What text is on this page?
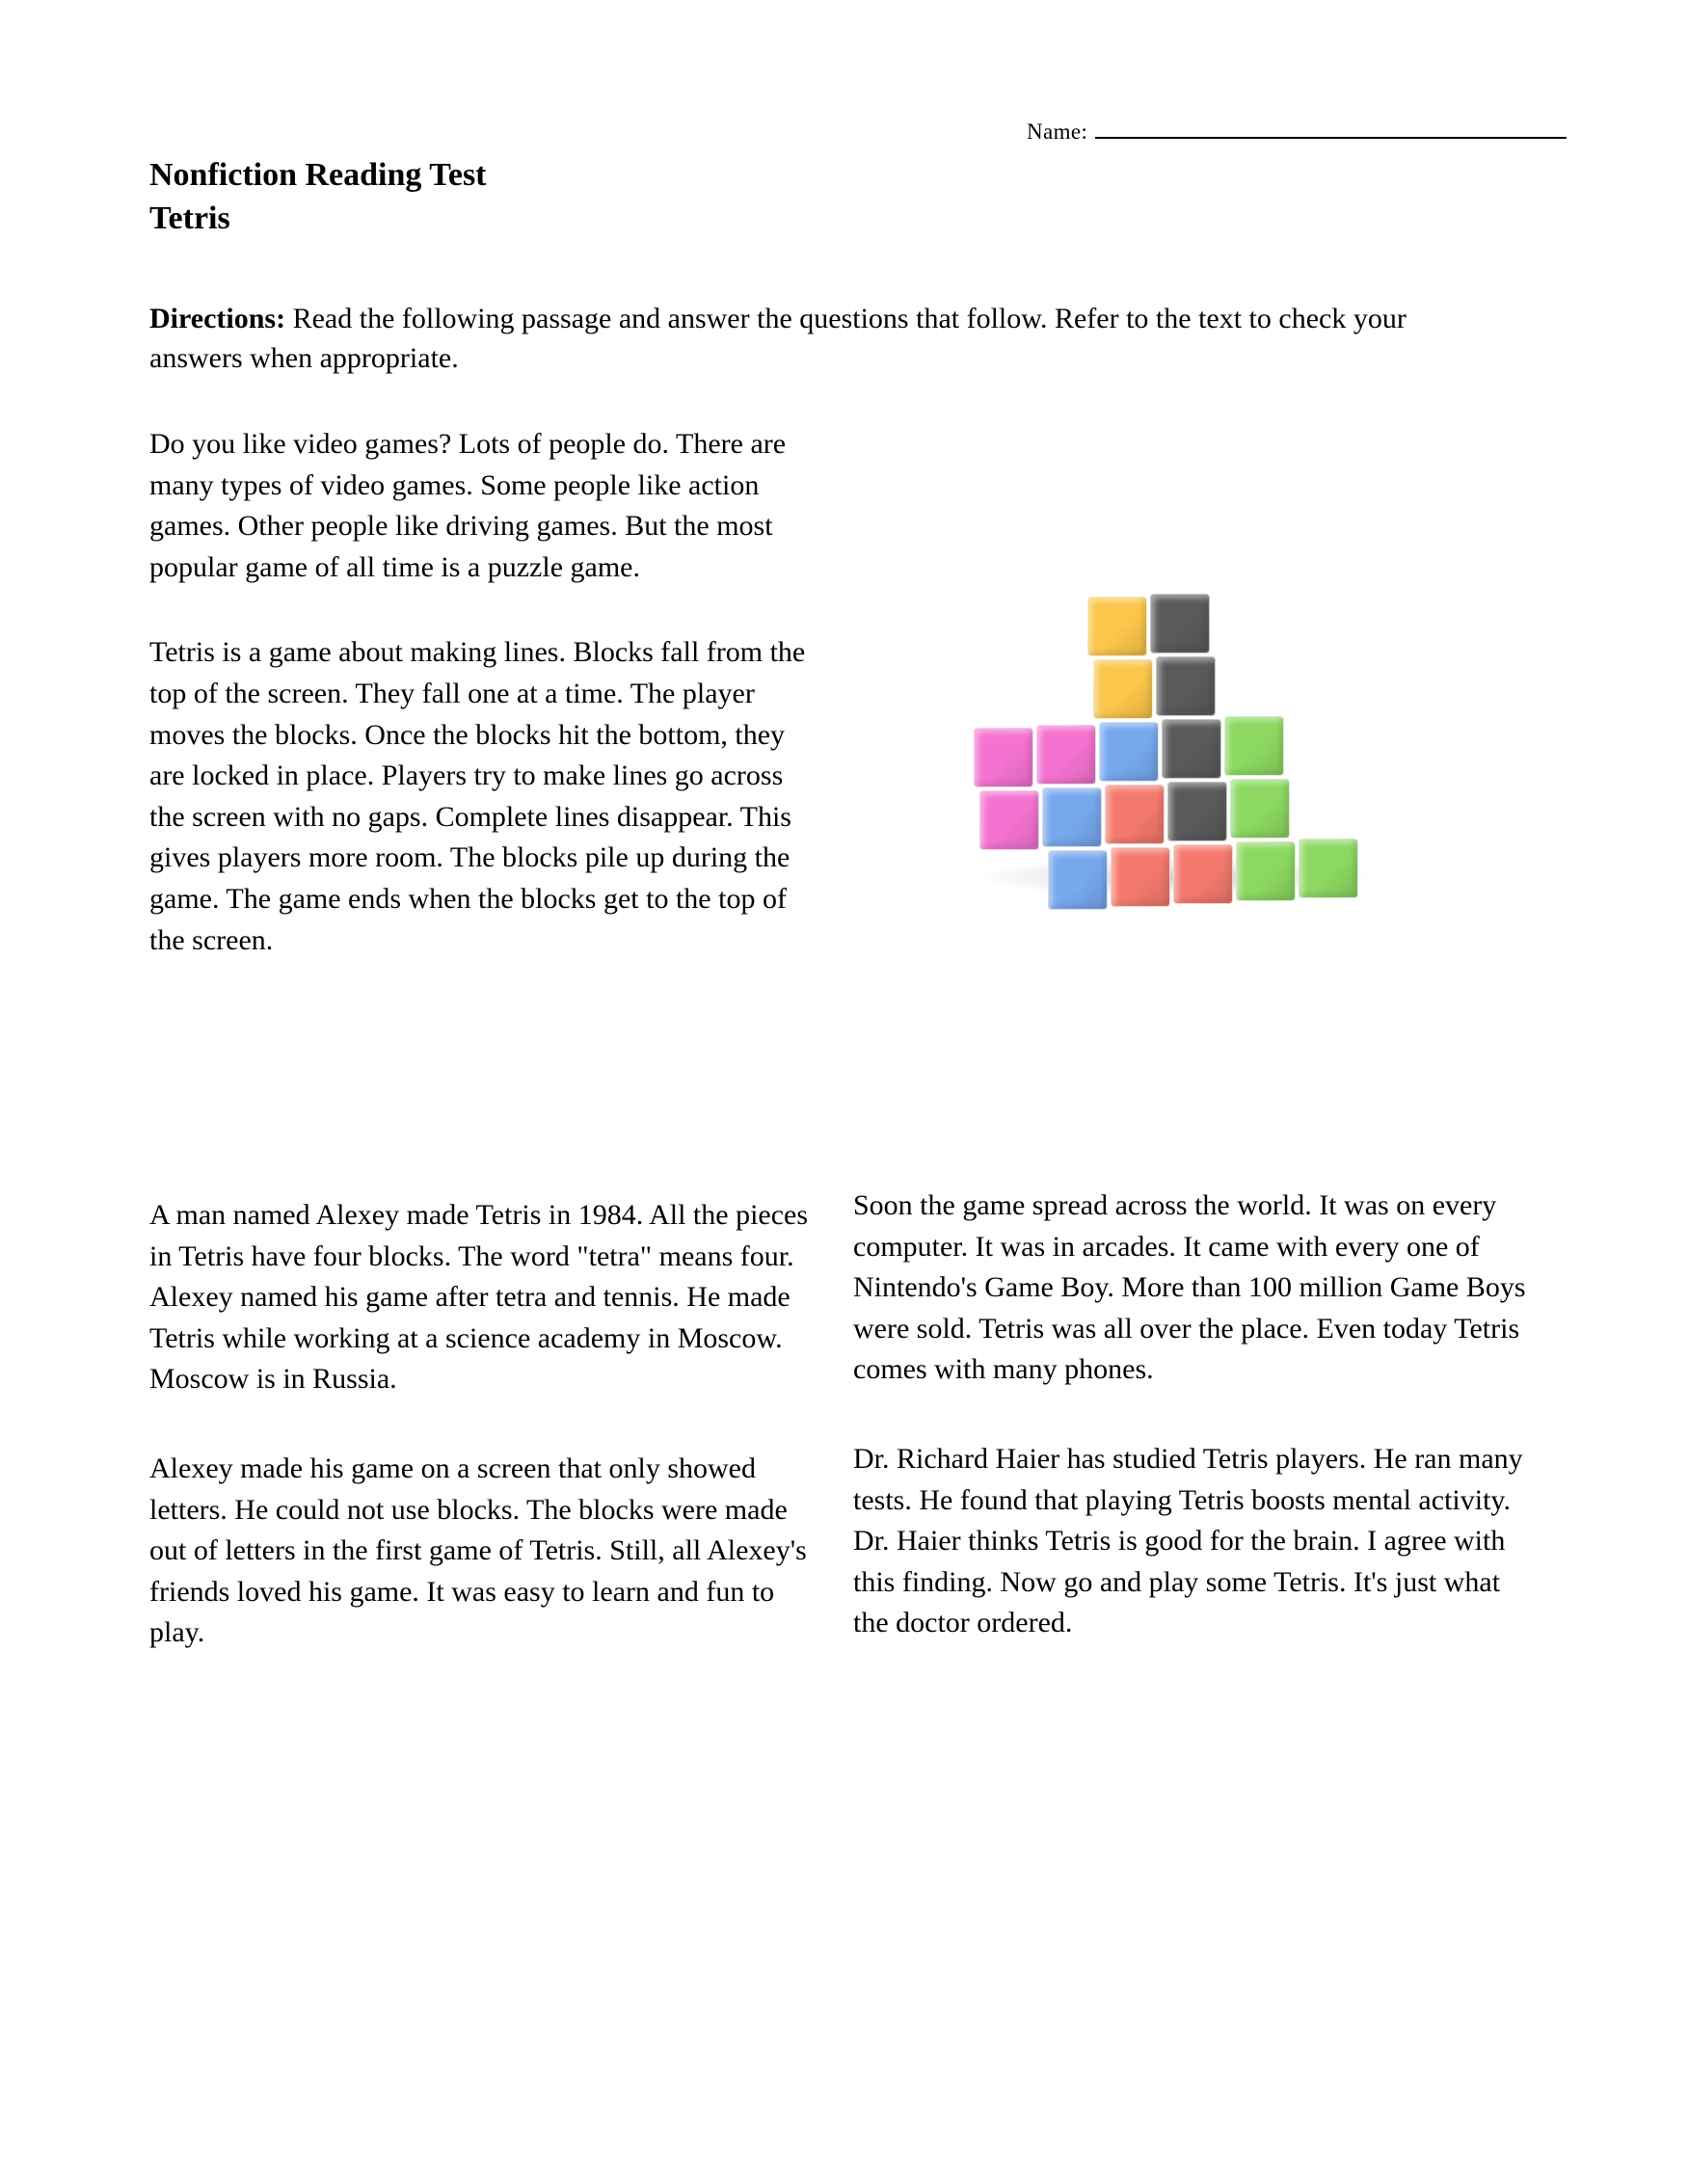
Name:
Nonfiction Reading Test
Tetris
Directions: Read the following passage and answer the questions that follow. Refer to the text to check your answers when appropriate.

Do you like video games? Lots of people do. There are many types of video games. Some people like action games. Other people like driving games. But the most popular game of all time is a puzzle game.

Tetris is a game about making lines. Blocks fall from the top of the screen. They fall one at a time. The player moves the blocks. Once the blocks hit the bottom, they are locked in place. Players try to make lines go across the screen with no gaps. Complete lines disappear. This gives players more room. The blocks pile up during the game. The game ends when the blocks get to the top of the screen.

A man named Alexey made Tetris in 1984. All the pieces in Tetris have four blocks. The word "tetra" means four. Alexey named his game after tetra and tennis. He made Tetris while working at a science academy in Moscow. Moscow is in Russia.

Alexey made his game on a screen that only showed letters. He could not use blocks. The blocks were made out of letters in the first game of Tetris. Still, all Alexey's friends loved his game. It was easy to learn and fun to play.

Soon the game spread across the world. It was on every computer. It was in arcades. It came with every one of Nintendo's Game Boy. More than 100 million Game Boys were sold. Tetris was all over the place. Even today Tetris comes with many phones.

Dr. Richard Haier has studied Tetris players. He ran many tests. He found that playing Tetris boosts mental activity. Dr. Haier thinks Tetris is good for the brain. I agree with this finding. Now go and play some Tetris. It's just what the doctor ordered.
